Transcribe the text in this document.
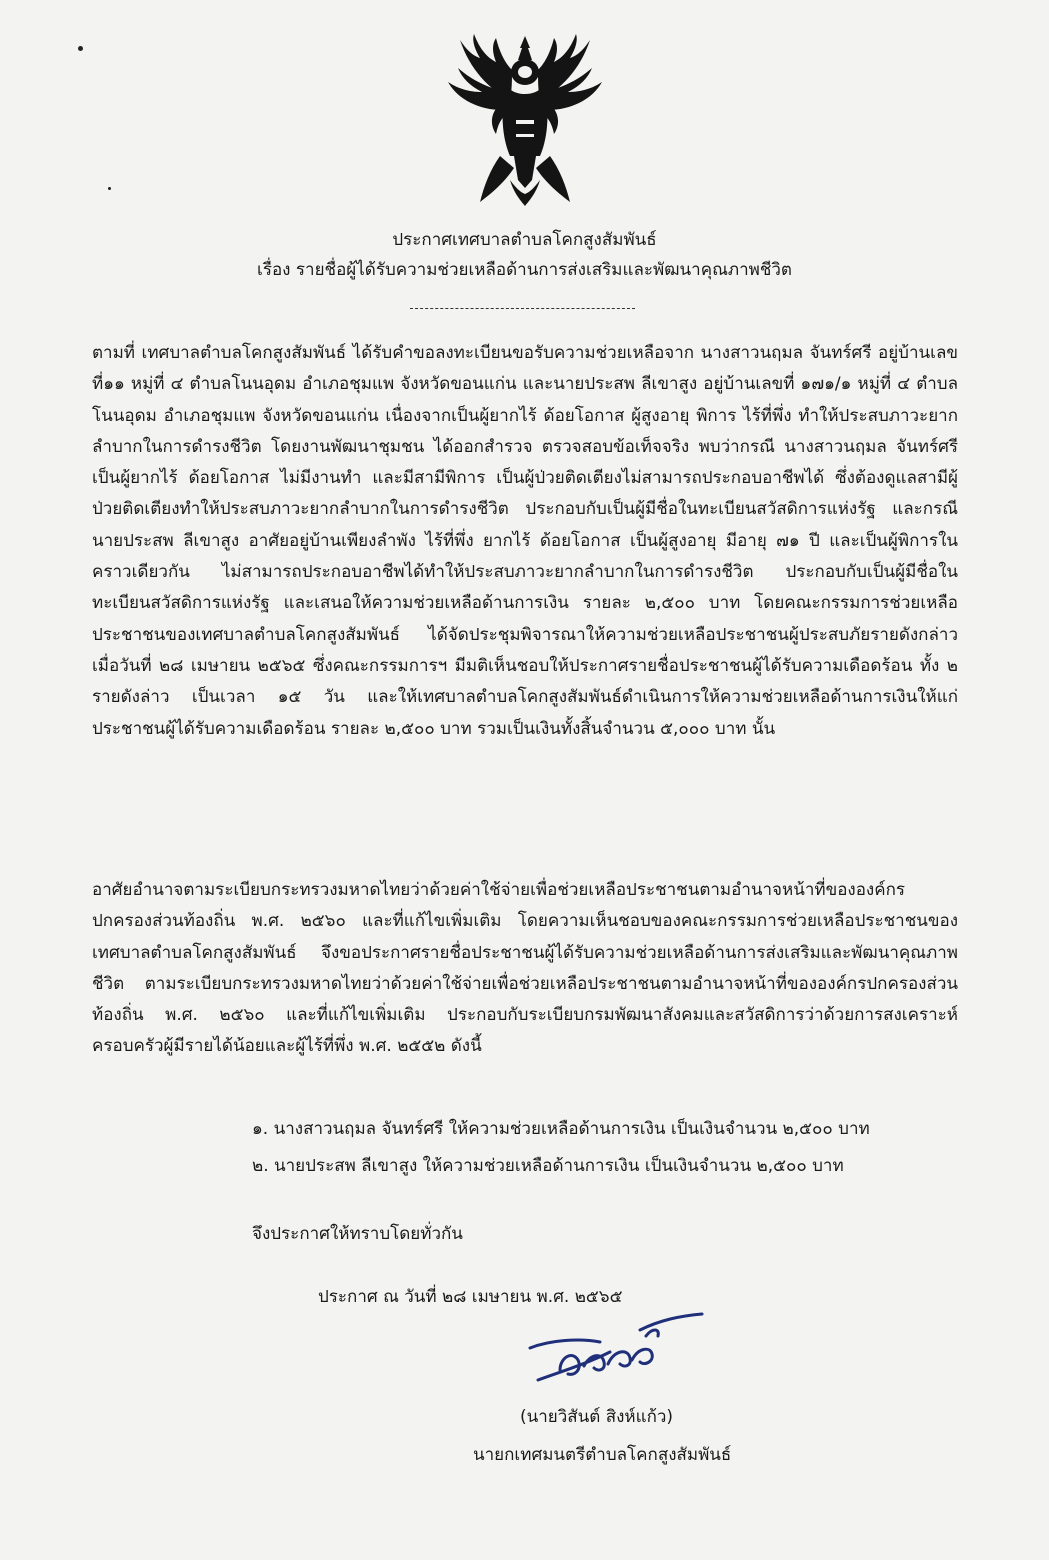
ประกาศเทศบาลตำบลโคกสูงสัมพันธ์
เรื่อง รายชื่อผู้ได้รับความช่วยเหลือด้านการส่งเสริมและพัฒนาคุณภาพชีวิต

ตามที่ เทศบาลตำบลโคกสูงสัมพันธ์ ได้รับคำขอลงทะเบียนขอรับความช่วยเหลือจาก นางสาวนฤมล จันทร์ศรี อยู่บ้านเลขที่๑๑ หมู่ที่ ๔ ตำบลโนนอุดม อำเภอชุมแพ จังหวัดขอนแก่น และนายประสพ ลีเขาสูง อยู่บ้านเลขที่ ๑๗๑/๑ หมู่ที่ ๔ ตำบลโนนอุดม อำเภอชุมแพ จังหวัดขอนแก่น เนื่องจากเป็นผู้ยากไร้ ด้อยโอกาส ผู้สูงอายุ พิการ ไร้ที่พึ่ง ทำให้ประสบภาวะยากลำบากในการดำรงชีวิต โดยงานพัฒนาชุมชน ได้ออกสำรวจ ตรวจสอบข้อเท็จจริง พบว่ากรณี นางสาวนฤมล จันทร์ศรี เป็นผู้ยากไร้ ด้อยโอกาส ไม่มีงานทำ และมีสามีพิการ เป็นผู้ป่วยติดเตียงไม่สามารถประกอบอาชีพได้ ซึ่งต้องดูแลสามีผู้ป่วยติดเตียงทำให้ประสบภาวะยากลำบากในการดำรงชีวิต ประกอบกับเป็นผู้มีชื่อในทะเบียนสวัสดิการแห่งรัฐ และกรณี นายประสพ ลีเขาสูง อาศัยอยู่บ้านเพียงลำพัง ไร้ที่พึ่ง ยากไร้ ด้อยโอกาส เป็นผู้สูงอายุ มีอายุ ๗๑ ปี และเป็นผู้พิการในคราวเดียวกัน ไม่สามารถประกอบอาชีพได้ทำให้ประสบภาวะยากลำบากในการดำรงชีวิต ประกอบกับเป็นผู้มีชื่อในทะเบียนสวัสดิการแห่งรัฐ และเสนอให้ความช่วยเหลือด้านการเงิน รายละ ๒,๕๐๐ บาท โดยคณะกรรมการช่วยเหลือประชาชนของเทศบาลตำบลโคกสูงสัมพันธ์ ได้จัดประชุมพิจารณาให้ความช่วยเหลือประชาชนผู้ประสบภัยรายดังกล่าว เมื่อวันที่ ๒๘ เมษายน ๒๕๖๕ ซึ่งคณะกรรมการฯ มีมติเห็นชอบให้ประกาศรายชื่อประชาชนผู้ได้รับความเดือดร้อน ทั้ง ๒ รายดังล่าว เป็นเวลา ๑๕ วัน และให้เทศบาลตำบลโคกสูงสัมพันธ์ดำเนินการให้ความช่วยเหลือด้านการเงินให้แก่ประชาชนผู้ได้รับความเดือดร้อน รายละ ๒,๕๐๐ บาท รวมเป็นเงินทั้งสิ้นจำนวน ๕,๐๐๐ บาท นั้น

อาศัยอำนาจตามระเบียบกระทรวงมหาดไทยว่าด้วยค่าใช้จ่ายเพื่อช่วยเหลือประชาชนตามอำนาจหน้าที่ขององค์กรปกครองส่วนท้องถิ่น พ.ศ. ๒๕๖๐ และที่แก้ไขเพิ่มเติม โดยความเห็นชอบของคณะกรรมการช่วยเหลือประชาชนของเทศบาลตำบลโคกสูงสัมพันธ์ จึงขอประกาศรายชื่อประชาชนผู้ได้รับความช่วยเหลือด้านการส่งเสริมและพัฒนาคุณภาพชีวิต ตามระเบียบกระทรวงมหาดไทยว่าด้วยค่าใช้จ่ายเพื่อช่วยเหลือประชาชนตามอำนาจหน้าที่ขององค์กรปกครองส่วนท้องถิ่น พ.ศ. ๒๕๖๐ และที่แก้ไขเพิ่มเติม ประกอบกับระเบียบกรมพัฒนาสังคมและสวัสดิการว่าด้วยการสงเคราะห์ครอบครัวผู้มีรายได้น้อยและผู้ไร้ที่พึ่ง พ.ศ. ๒๕๕๒ ดังนี้

๑. นางสาวนฤมล จันทร์ศรี ให้ความช่วยเหลือด้านการเงิน เป็นเงินจำนวน ๒,๕๐๐ บาท

๒. นายประสพ ลีเขาสูง ให้ความช่วยเหลือด้านการเงิน เป็นเงินจำนวน ๒,๕๐๐ บาท

จึงประกาศให้ทราบโดยทั่วกัน

ประกาศ ณ วันที่ ๒๘ เมษายน พ.ศ. ๒๕๖๕

(นายวิสันต์ สิงห์แก้ว)

นายกเทศมนตรีตำบลโคกสูงสัมพันธ์
